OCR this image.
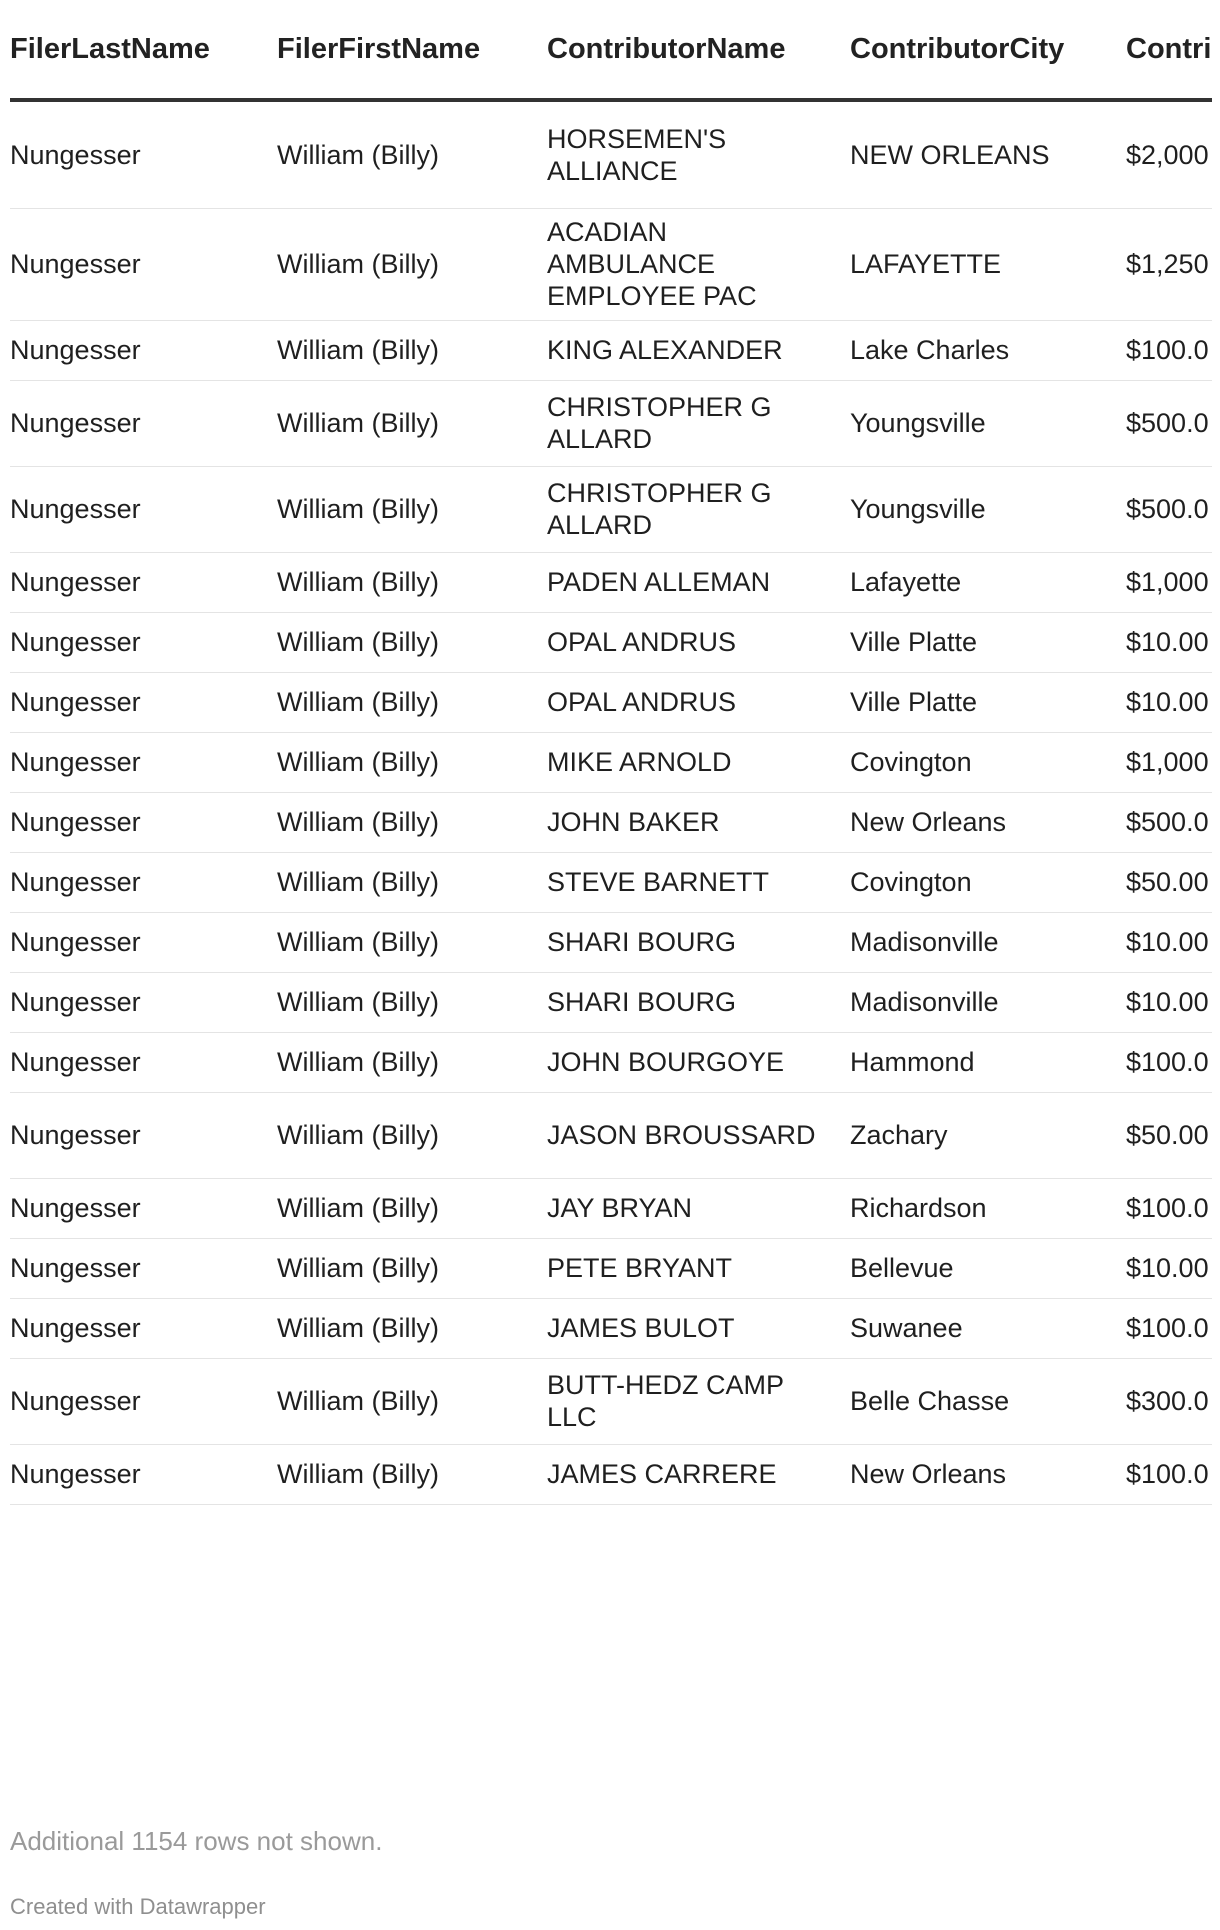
FilerLastName	FilerFirstName	ContributorName	ContributorCity	Contri
Nungesser	William (Billy)	HORSEMEN'S ALLIANCE	NEW ORLEANS	$2,000
Nungesser	William (Billy)	ACADIAN AMBULANCE EMPLOYEE PAC	LAFAYETTE	$1,250
Nungesser	William (Billy)	KING ALEXANDER	Lake Charles	$100.0
Nungesser	William (Billy)	CHRISTOPHER G ALLARD	Youngsville	$500.0
Nungesser	William (Billy)	CHRISTOPHER G ALLARD	Youngsville	$500.0
Nungesser	William (Billy)	PADEN ALLEMAN	Lafayette	$1,000
Nungesser	William (Billy)	OPAL ANDRUS	Ville Platte	$10.00
Nungesser	William (Billy)	OPAL ANDRUS	Ville Platte	$10.00
Nungesser	William (Billy)	MIKE ARNOLD	Covington	$1,000
Nungesser	William (Billy)	JOHN BAKER	New Orleans	$500.0
Nungesser	William (Billy)	STEVE BARNETT	Covington	$50.00
Nungesser	William (Billy)	SHARI BOURG	Madisonville	$10.00
Nungesser	William (Billy)	SHARI BOURG	Madisonville	$10.00
Nungesser	William (Billy)	JOHN BOURGOYE	Hammond	$100.0
Nungesser	William (Billy)	JASON BROUSSARD	Zachary	$50.00
Nungesser	William (Billy)	JAY BRYAN	Richardson	$100.0
Nungesser	William (Billy)	PETE BRYANT	Bellevue	$10.00
Nungesser	William (Billy)	JAMES BULOT	Suwanee	$100.0
Nungesser	William (Billy)	BUTT-HEDZ CAMP LLC	Belle Chasse	$300.0
Nungesser	William (Billy)	JAMES CARRERE	New Orleans	$100.0
Additional 1154 rows not shown.
Created with Datawrapper
